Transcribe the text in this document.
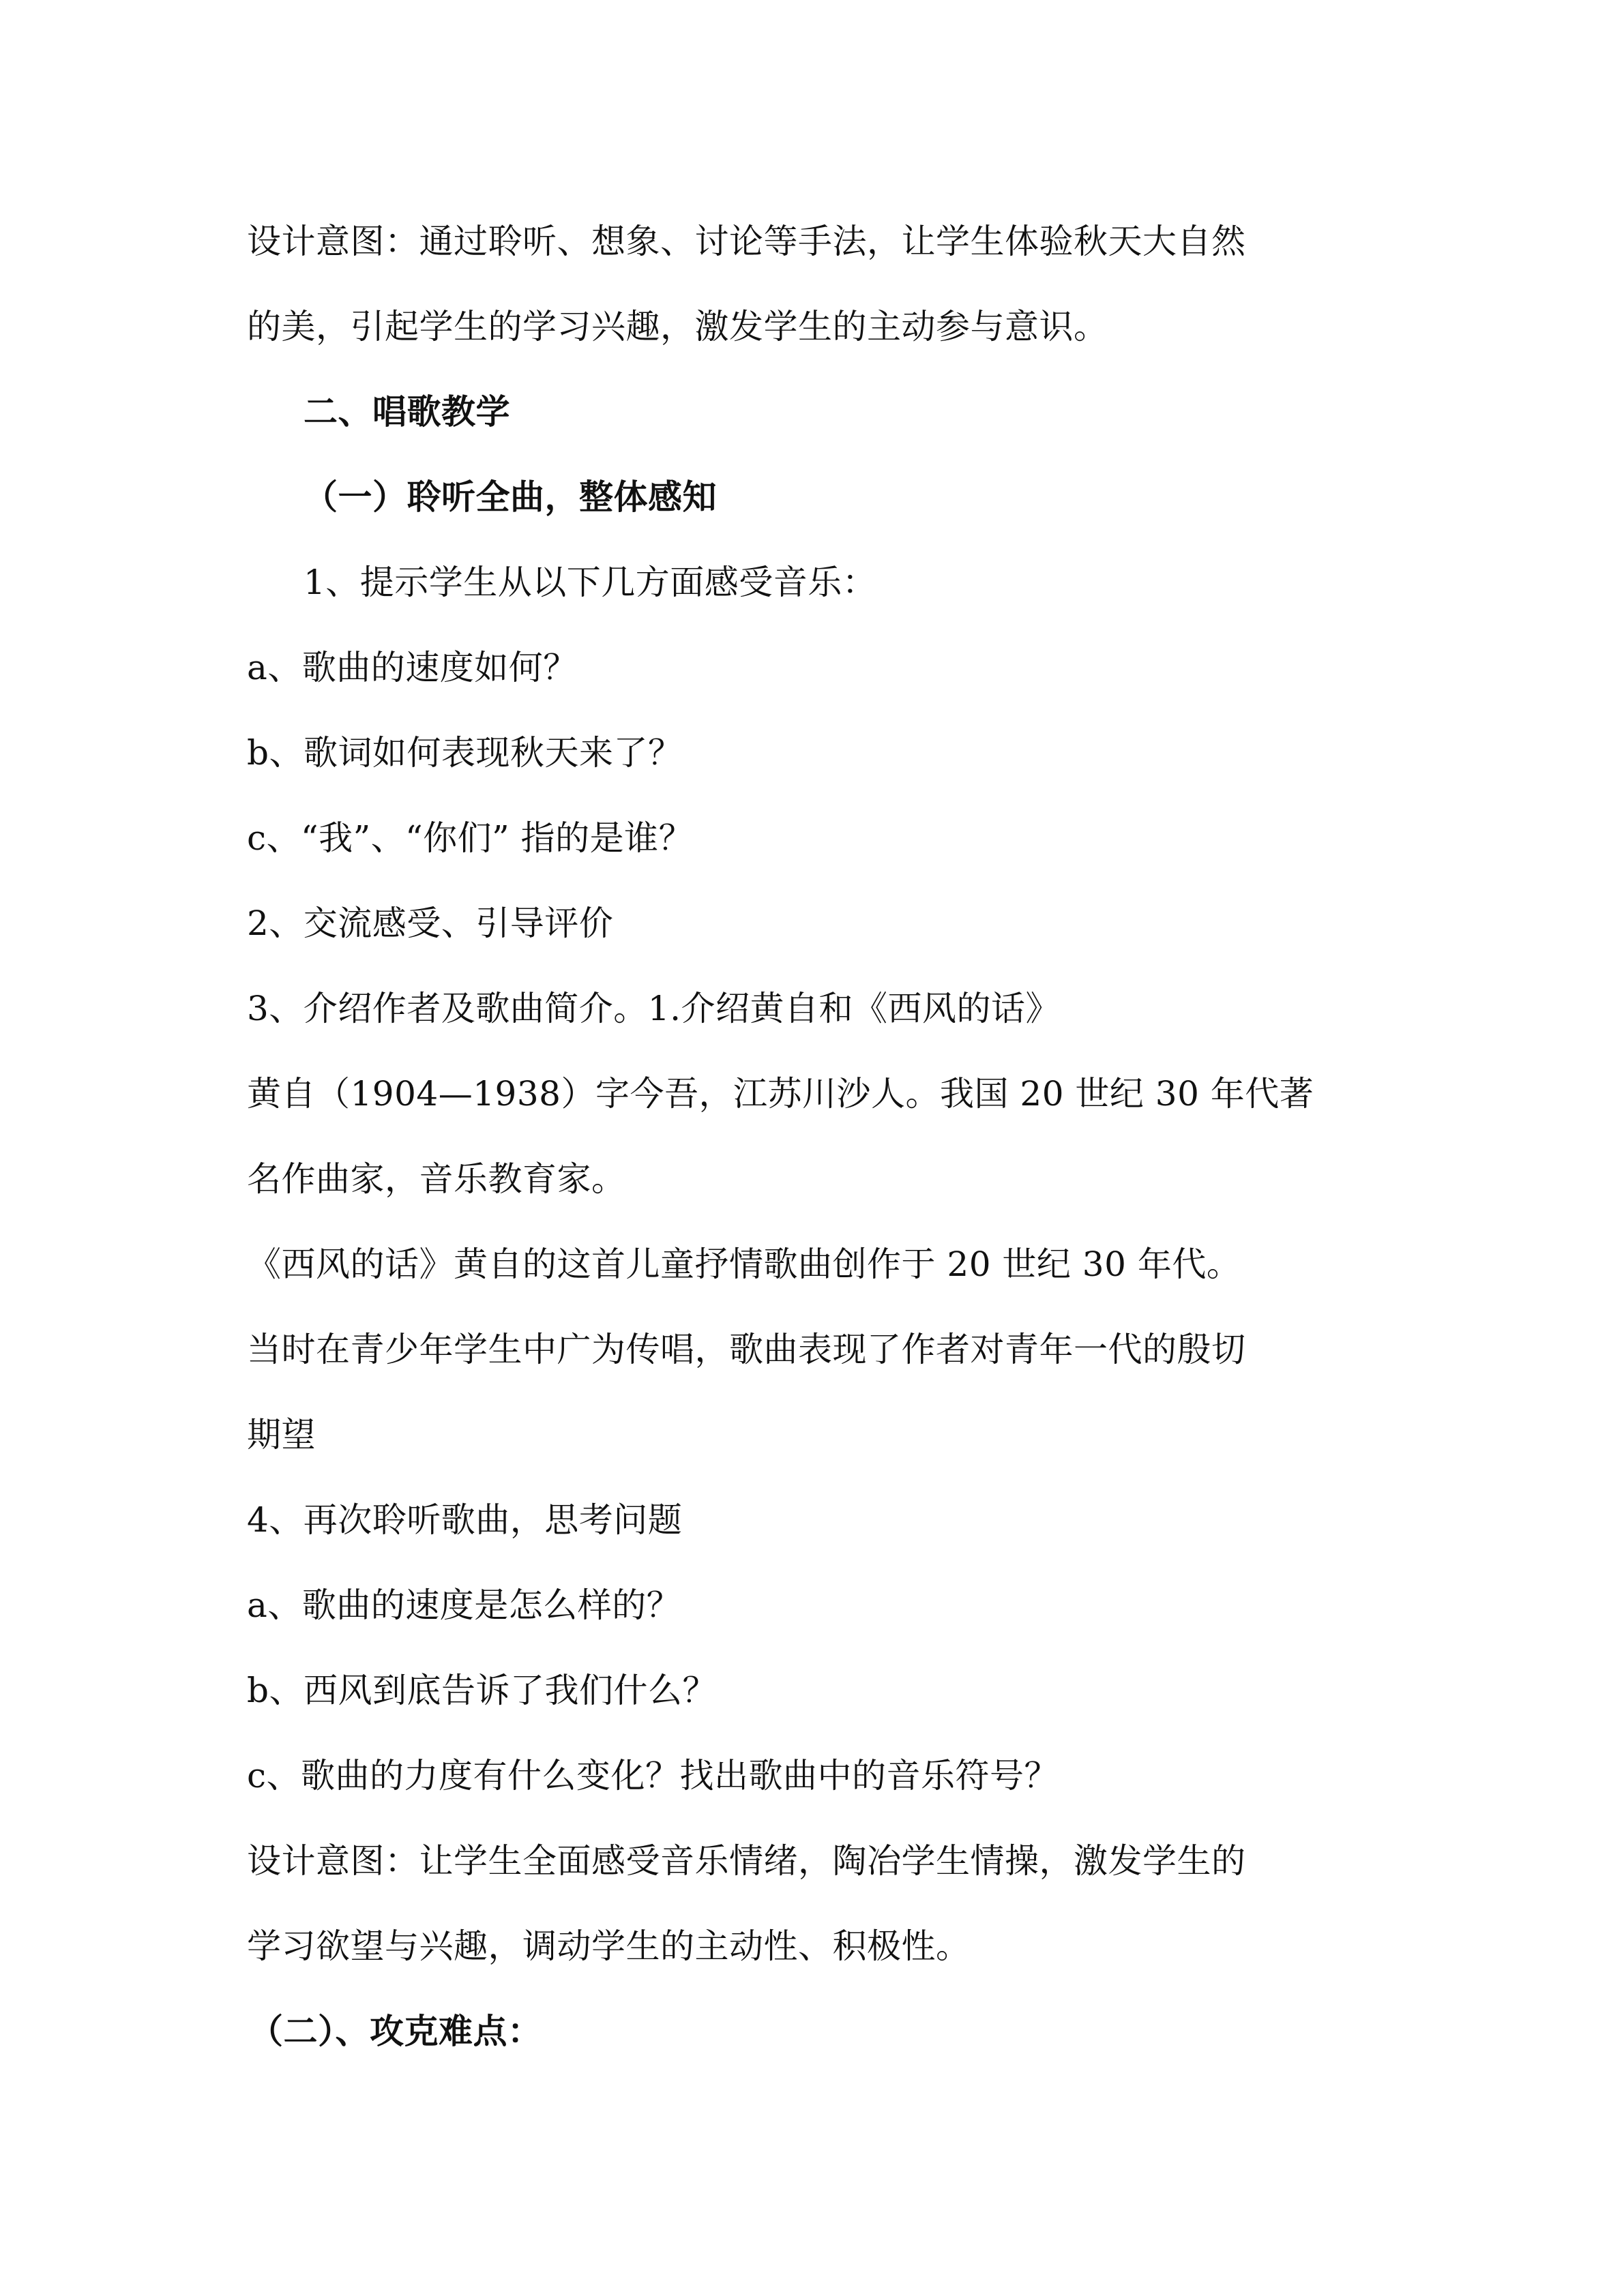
设计意图：通过聆听、想象、讨论等手法，让学生体验秋天大自然
的美，引起学生的学习兴趣，激发学生的主动参与意识。
二、唱歌教学
（一）聆听全曲，整体感知
1、提示学生从以下几方面感受音乐：
a、歌曲的速度如何？
b、歌词如何表现秋天来了？
c、“我”、“你们” 指的是谁？
2、交流感受、引导评价
3、介绍作者及歌曲简介。1.介绍黄自和《西风的话》
黄自（1904—1938）字今吾，江苏川沙人。我国 20 世纪 30 年代著
名作曲家，音乐教育家。
《西风的话》黄自的这首儿童抒情歌曲创作于 20 世纪 30 年代。
当时在青少年学生中广为传唱，歌曲表现了作者对青年一代的殷切
期望
4、再次聆听歌曲，思考问题
a、歌曲的速度是怎么样的？
b、西风到底告诉了我们什么？
c、歌曲的力度有什么变化？找出歌曲中的音乐符号？
设计意图：让学生全面感受音乐情绪，陶冶学生情操，激发学生的
学习欲望与兴趣，调动学生的主动性、积极性。
（二）、攻克难点：
